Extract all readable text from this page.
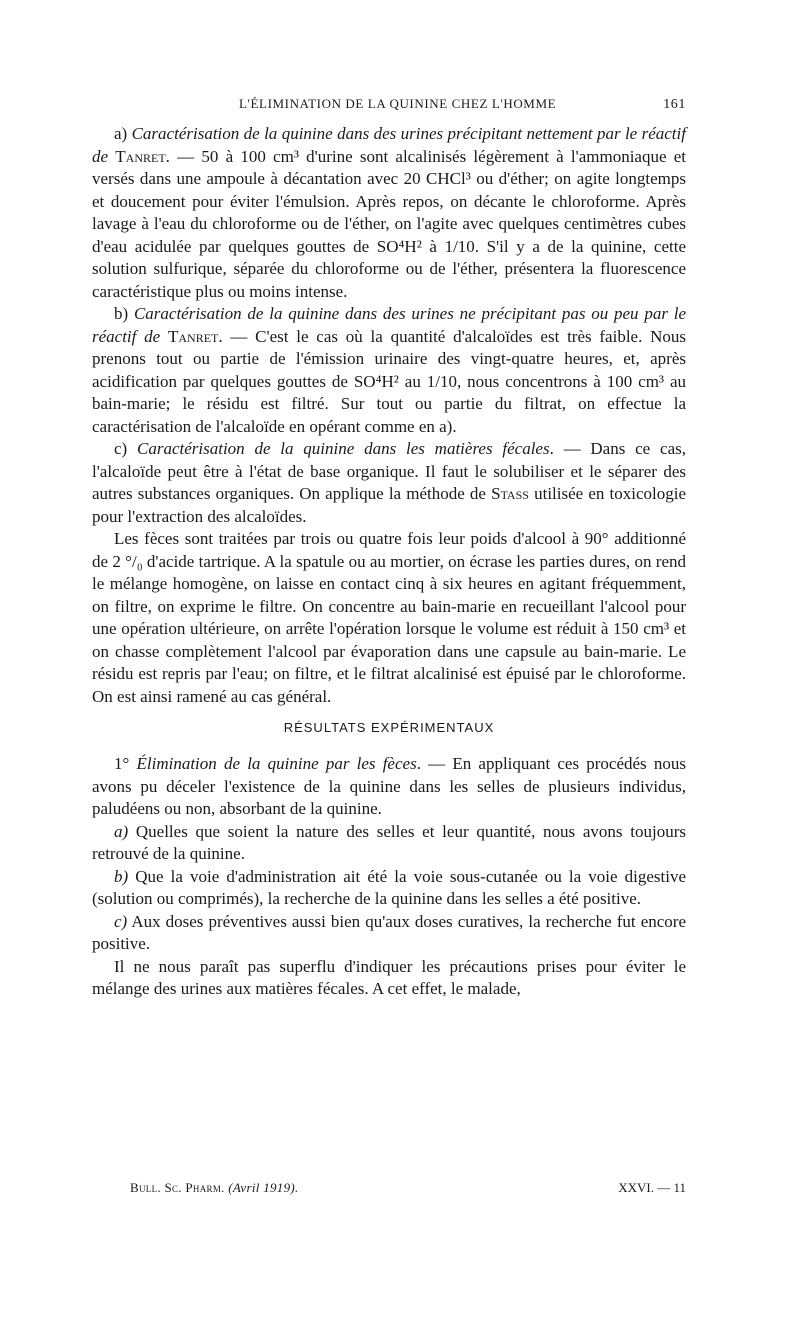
L'ÉLIMINATION DE LA QUININE CHEZ L'HOMME	161

a) Caractérisation de la quinine dans des urines précipitant nettement par le réactif de Tanret. — 50 à 100 cm³ d'urine sont alcalinisés légèrement à l'ammoniaque et versés dans une ampoule à décantation avec 20 CHCl³ ou d'éther; on agite longtemps et doucement pour éviter l'émulsion. Après repos, on décante le chloroforme. Après lavage à l'eau du chloroforme ou de l'éther, on l'agite avec quelques centimètres cubes d'eau acidulée par quelques gouttes de SO⁴H² à 1/10. S'il y a de la quinine, cette solution sulfurique, séparée du chloroforme ou de l'éther, présentera la fluorescence caractéristique plus ou moins intense.

b) Caractérisation de la quinine dans des urines ne précipitant pas ou peu par le réactif de Tanret. — C'est le cas où la quantité d'alcaloïdes est très faible. Nous prenons tout ou partie de l'émission urinaire des vingt-quatre heures, et, après acidification par quelques gouttes de SO⁴H² au 1/10, nous concentrons à 100 cm³ au bain-marie; le résidu est filtré. Sur tout ou partie du filtrat, on effectue la caractérisation de l'alcaloïde en opérant comme en a).

c) Caractérisation de la quinine dans les matières fécales. — Dans ce cas, l'alcaloïde peut être à l'état de base organique. Il faut le solubiliser et le séparer des autres substances organiques. On applique la méthode de Stass utilisée en toxicologie pour l'extraction des alcaloïdes.

Les fèces sont traitées par trois ou quatre fois leur poids d'alcool à 90° additionné de 2 °/₀ d'acide tartrique. A la spatule ou au mortier, on écrase les parties dures, on rend le mélange homogène, on laisse en contact cinq à six heures en agitant fréquemment, on filtre, on exprime le filtre. On concentre au bain-marie en recueillant l'alcool pour une opération ultérieure, on arrête l'opération lorsque le volume est réduit à 150 cm³ et on chasse complètement l'alcool par évaporation dans une capsule au bain-marie. Le résidu est repris par l'eau; on filtre, et le filtrat alcalinisé est épuisé par le chloroforme. On est ainsi ramené au cas général.

RÉSULTATS EXPÉRIMENTAUX

1° Élimination de la quinine par les fèces. — En appliquant ces procédés nous avons pu déceler l'existence de la quinine dans les selles de plusieurs individus, paludéens ou non, absorbant de la quinine.

a) Quelles que soient la nature des selles et leur quantité, nous avons toujours retrouvé de la quinine.

b) Que la voie d'administration ait été la voie sous-cutanée ou la voie digestive (solution ou comprimés), la recherche de la quinine dans les selles a été positive.

c) Aux doses préventives aussi bien qu'aux doses curatives, la recherche fut encore positive.

Il ne nous paraît pas superflu d'indiquer les précautions prises pour éviter le mélange des urines aux matières fécales. A cet effet, le malade,

Bull. Sc. Pharm. (Avril 1919).	XXVI. — 11
